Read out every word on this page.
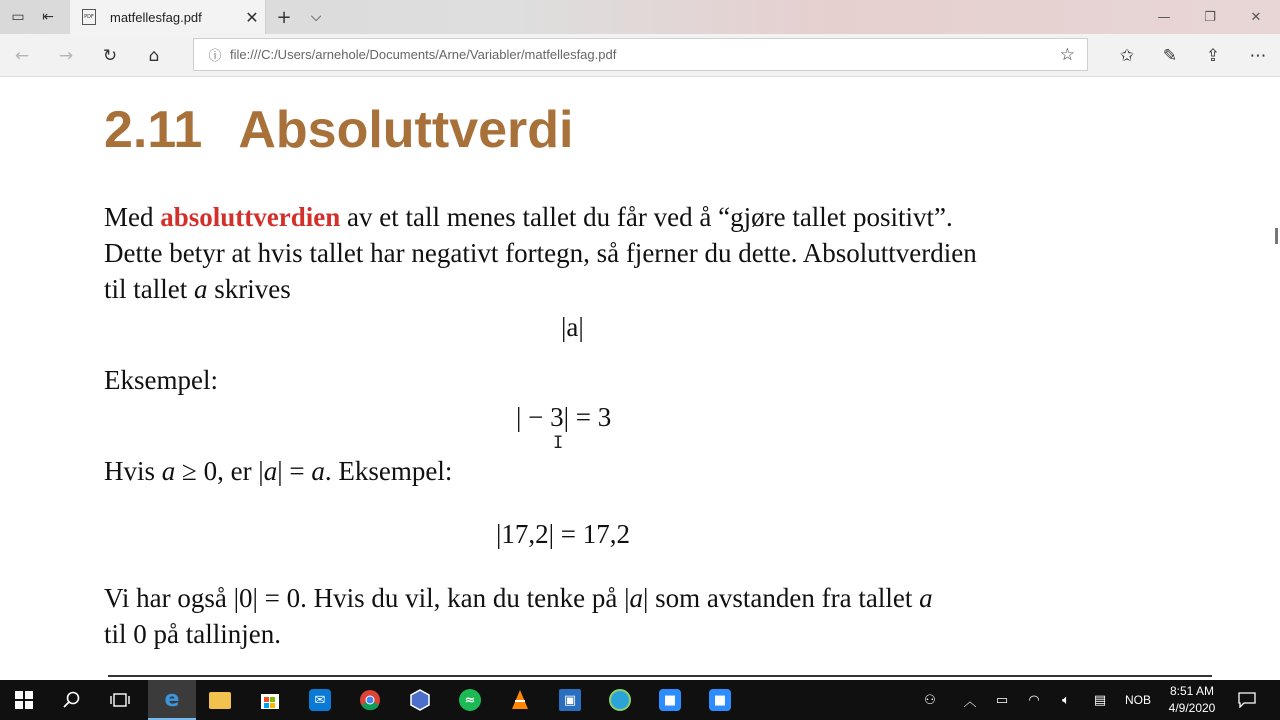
▭	⇤	PDF matfellesfag.pdf	✕ +	⌵	—	❐	✕
←	→	↻	⌂	ⓘ file:///C:/Users/arnehole/Documents/Arne/Variabler/matfellesfag.pdf	☆	✩	✎	⇪	⋯
2.11 Absoluttverdi
Med absoluttverdien av et tall menes tallet du får ved å “gjøre tallet positivt”.
Dette betyr at hvis tallet har negativt fortegn, så fjerner du dette. Absoluttverdien
til tallet a skrives
|a|
Eksempel:
| − 3| = 3
Hvis a ≥ 0, er |a| = a. Eksempel:
|17,2| = 17,2
Vi har også |0| = 0. Hvis du vil, kan du tenke på |a| som avstanden fra tallet a
til 0 på tallinjen.
I
e	✉	≈	▣	■	■	⚇	︿	▭	◠	🔈︎	▤	NOB
8:51 AM
4/9/2020
